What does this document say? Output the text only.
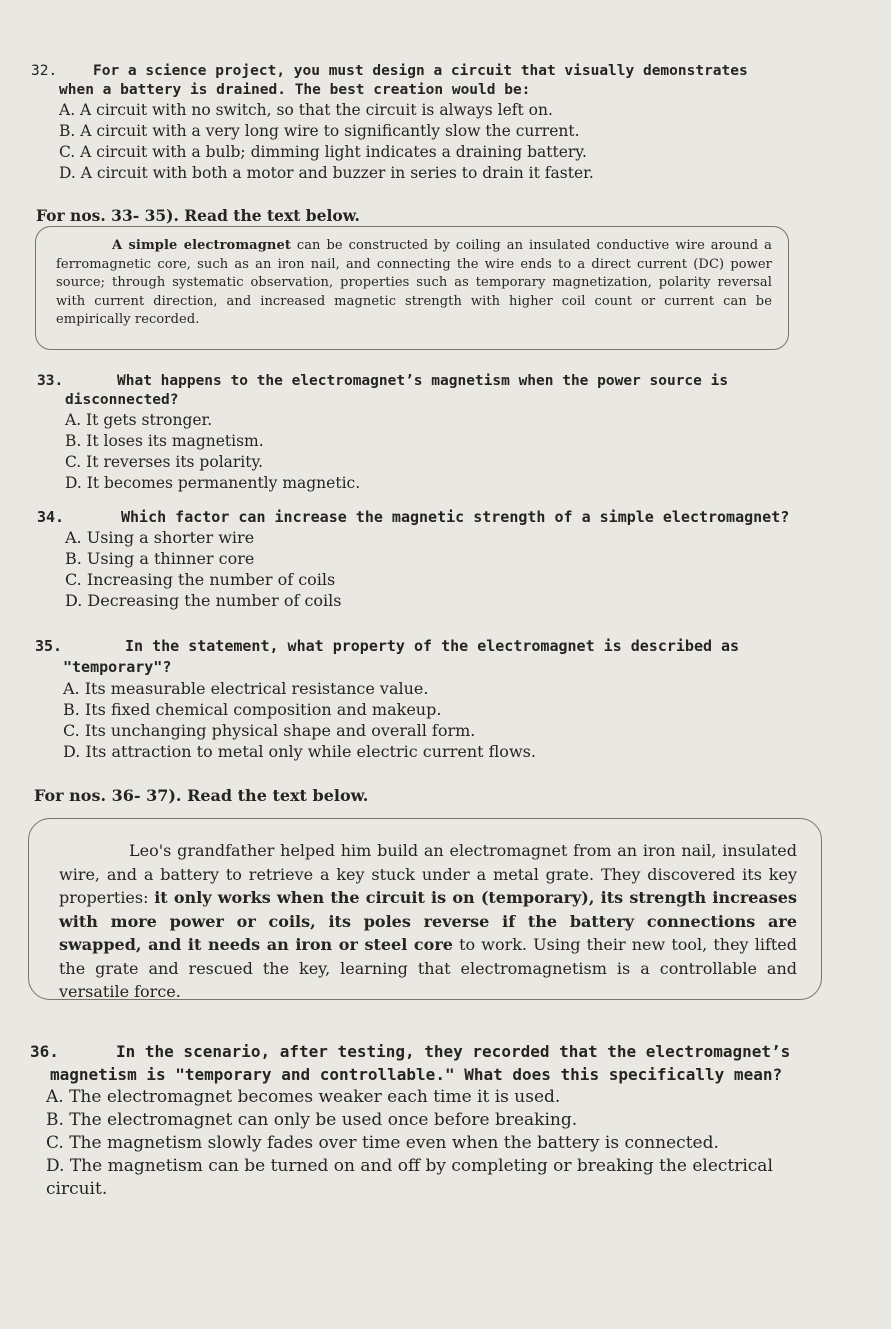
32. For a science project, you must design a circuit that visually demonstrates
when a battery is drained. The best creation would be:
A. A circuit with no switch, so that the circuit is always left on.
B. A circuit with a very long wire to significantly slow the current.
C. A circuit with a bulb; dimming light indicates a draining battery.
D. A circuit with both a motor and buzzer in series to drain it faster.
For nos. 33- 35). Read the text below.

A simple electromagnet can be constructed by coiling an insulated conductive wire around a ferromagnetic core, such as an iron nail, and connecting the wire ends to a direct current (DC) power source; through systematic observation, properties such as temporary magnetization, polarity reversal with current direction, and increased magnetic strength with higher coil count or current can be empirically recorded.

33.	What happens to the electromagnet’s magnetism when the power source is
disconnected?
A. It gets stronger.
B. It loses its magnetism.
C. It reverses its polarity.
D. It becomes permanently magnetic.
34.	Which factor can increase the magnetic strength of a simple electromagnet?
A. Using a shorter wire
B. Using a thinner core
C. Increasing the number of coils
D. Decreasing the number of coils
35.	In the statement, what property of the electromagnet is described as
"temporary"?
A. Its measurable electrical resistance value.
B. Its fixed chemical composition and makeup.
C. Its unchanging physical shape and overall form.
D. Its attraction to metal only while electric current flows.
For nos. 36- 37). Read the text below.

Leo's grandfather helped him build an electromagnet from an iron nail, insulated wire, and a battery to retrieve a key stuck under a metal grate. They discovered its key properties: it only works when the circuit is on (temporary), its strength increases with more power or coils, its poles reverse if the battery connections are swapped, and it needs an iron or steel core to work. Using their new tool, they lifted the grate and rescued the key, learning that electromagnetism is a controllable and versatile force.

36.	In the scenario, after testing, they recorded that the electromagnet’s
magnetism is "temporary and controllable." What does this specifically mean?
A. The electromagnet becomes weaker each time it is used.
B. The electromagnet can only be used once before breaking.
C. The magnetism slowly fades over time even when the battery is connected.
D. The magnetism can be turned on and off by completing or breaking the electrical circuit.
